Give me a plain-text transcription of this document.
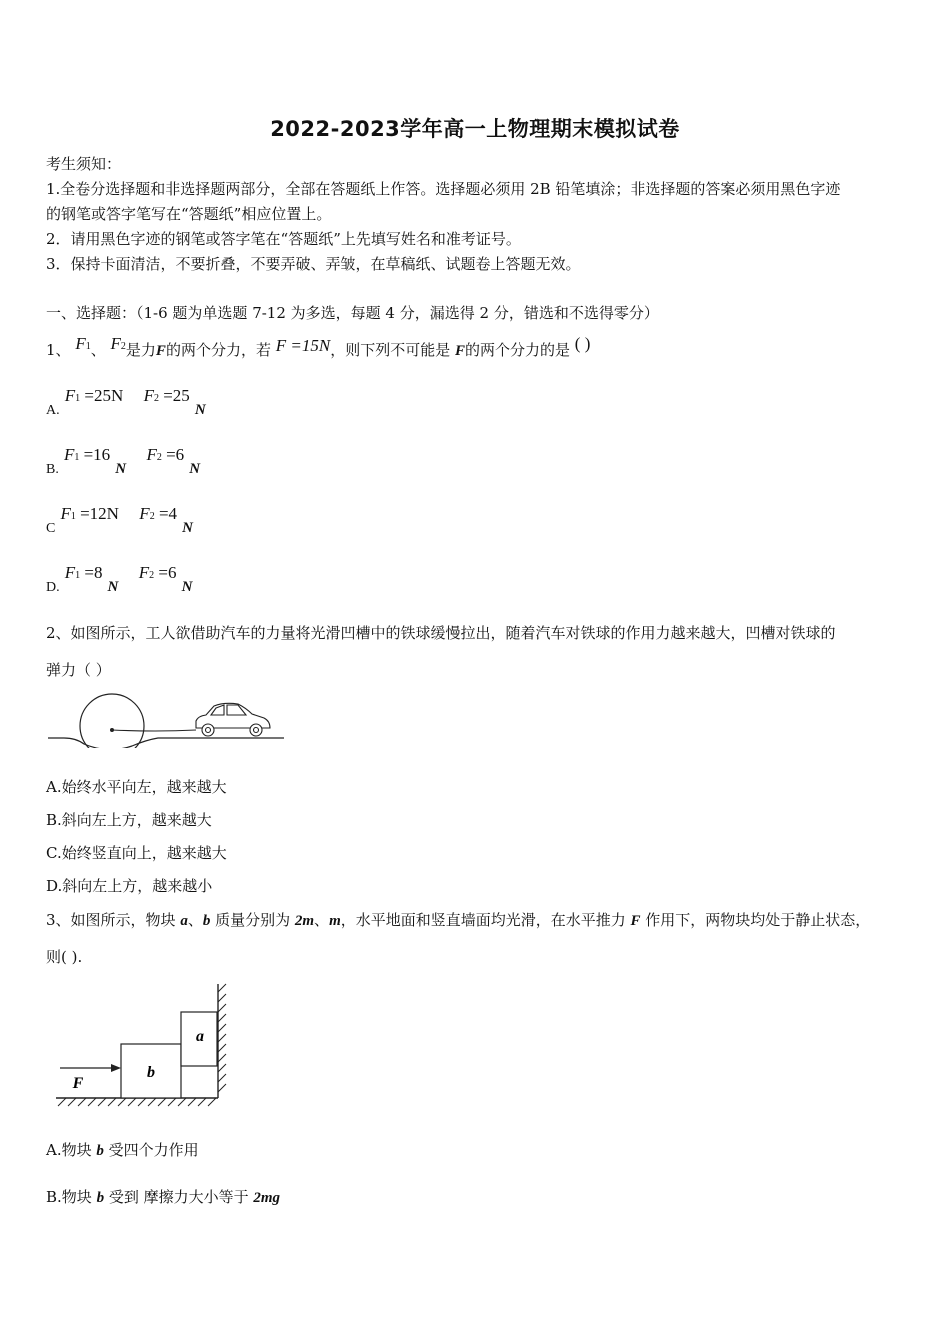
2022-2023学年高一上物理期末模拟试卷
考生须知：
1.全卷分选择题和非选择题两部分，全部在答题纸上作答。选择题必须用 2B 铅笔填涂；非选择题的答案必须用黑色字迹
的钢笔或答字笔写在“答题纸”相应位置上。
2．请用黑色字迹的钢笔或答字笔在“答题纸”上先填写姓名和准考证号。
3．保持卡面清洁，不要折叠，不要弄破、弄皱，在草稿纸、试题卷上答题无效。
一、选择题：（1-6 题为单选题 7-12 为多选，每题 4 分，漏选得 2 分，错选和不选得零分）
1、 F1、 F2是力F的两个分力，若 F =15N，则下列不可能是 F的两个分力的是 ( )
A. F1 =25N F2 =25 N
B. F1 =16 N    F2 =6 N
C F1 =12N F2 =4 N
D. F1 =8 N    F2 =6 N
2、如图所示，工人欲借助汽车的力量将光滑凹槽中的铁球缓慢拉出，随着汽车对铁球的作用力越来越大，凹槽对铁球的
弹力（ ）
A.始终水平向左，越来越大
B.斜向左上方，越来越大
C.始终竖直向上，越来越大
D.斜向左上方，越来越小
3、如图所示，物块 a、b 质量分别为 2m、m，水平地面和竖直墙面均光滑，在水平推力 F 作用下，两物块均处于静止状态，
则( ).
a
b
F
A.物块 b 受四个力作用
B.物块 b 受到 摩擦力大小等于 2mg
